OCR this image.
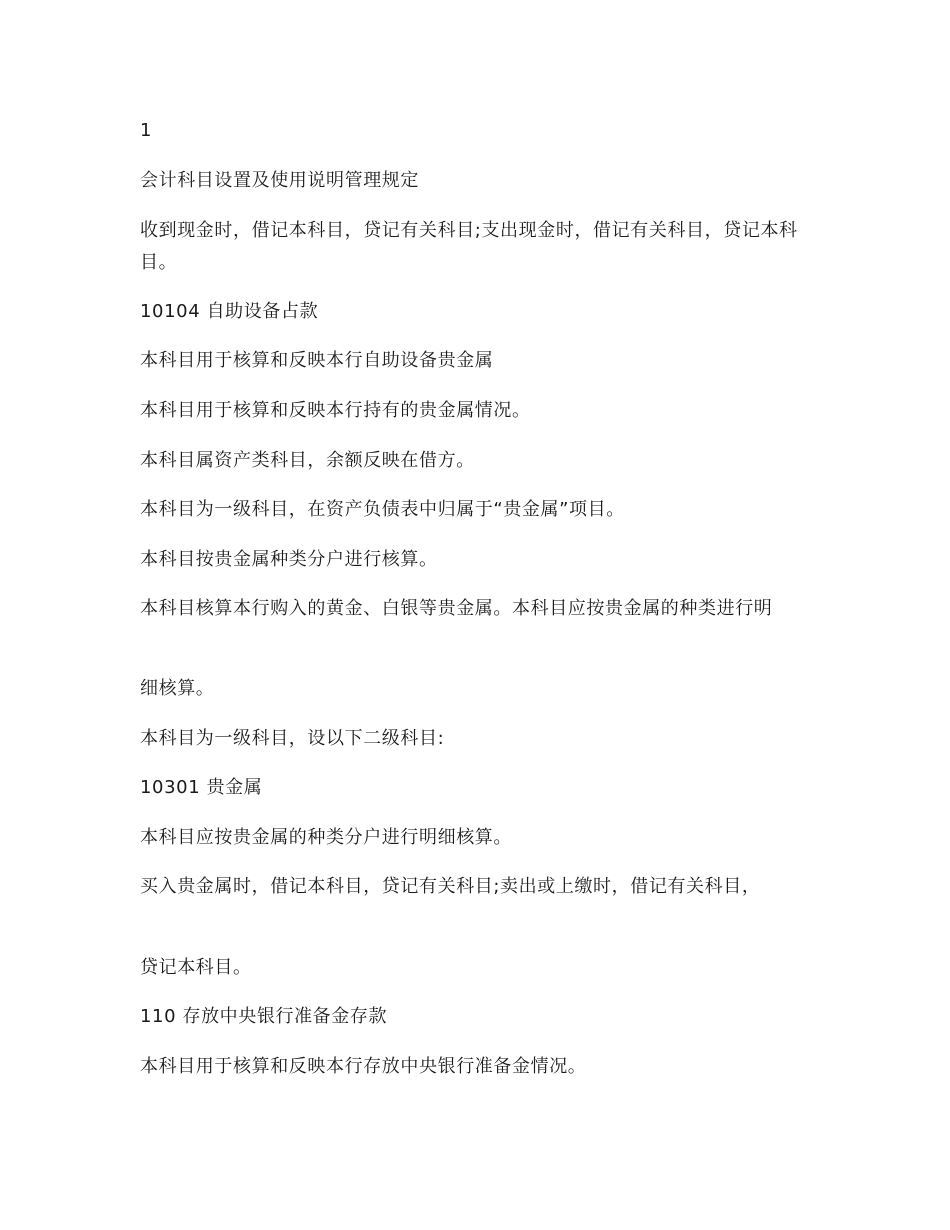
1
会计科目设置及使用说明管理规定
收到现金时，借记本科目，贷记有关科目;支出现金时，借记有关科目，贷记本科目。
10104 自助设备占款
本科目用于核算和反映本行自助设备贵金属
本科目用于核算和反映本行持有的贵金属情况。
本科目属资产类科目，余额反映在借方。
本科目为一级科目，在资产负债表中归属于“贵金属”项目。
本科目按贵金属种类分户进行核算。
本科目核算本行购入的黄金、白银等贵金属。本科目应按贵金属的种类进行明
细核算。
本科目为一级科目，设以下二级科目:
10301 贵金属
本科目应按贵金属的种类分户进行明细核算。
买入贵金属时，借记本科目，贷记有关科目;卖出或上缴时，借记有关科目，
贷记本科目。
110 存放中央银行准备金存款
本科目用于核算和反映本行存放中央银行准备金情况。
